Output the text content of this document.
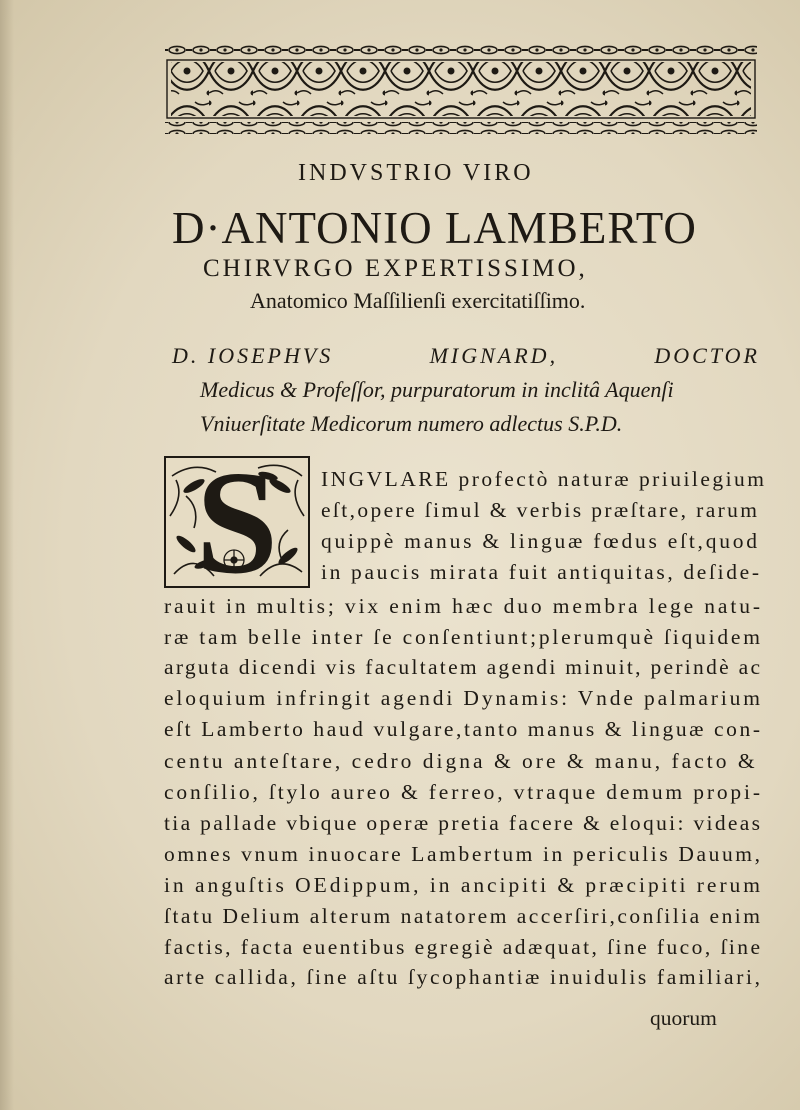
INDVSTRIO VIRO
D·ANTONIO LAMBERTO
CHIRVRGO EXPERTISSIMO,
Anatomico Maſſilienſi exercitatiſſimo.
D. IOSEPHVS	MIGNARD,	DOCTOR
Medicus & Profeſſor, purpuratorum in inclitâ Aquenſi
Vniuerſitate Medicorum numero adlectus S.P.D.
S INGVLARE profectò naturæ priuilegium
eſt,opere ſimul & verbis præſtare, rarum
quippè manus & linguæ fœdus eſt,quod
in paucis mirata fuit antiquitas, deſide-
rauit in multis; vix enim hæc duo membra lege natu-
ræ tam belle inter ſe conſentiunt;plerumquè ſiquidem
arguta dicendi vis facultatem agendi minuit, perindè ac
eloquium infringit agendi Dynamis: Vnde palmarium
eſt Lamberto haud vulgare,tanto manus & linguæ con-
centu anteſtare, cedro digna & ore & manu, facto &
conſilio, ſtylo aureo & ferreo, vtraque demum propi-
tia pallade vbique operæ pretia facere & eloqui: videas
omnes vnum inuocare Lambertum in periculis Dauum,
in anguſtis OEdippum, in ancipiti & præcipiti rerum
ſtatu Delium alterum natatorem accerſiri,conſilia enim
factis, facta euentibus egregiè adæquat, ſine fuco, ſine
arte callida, ſine aſtu ſycophantiæ inuidulis familiari,
quorum
